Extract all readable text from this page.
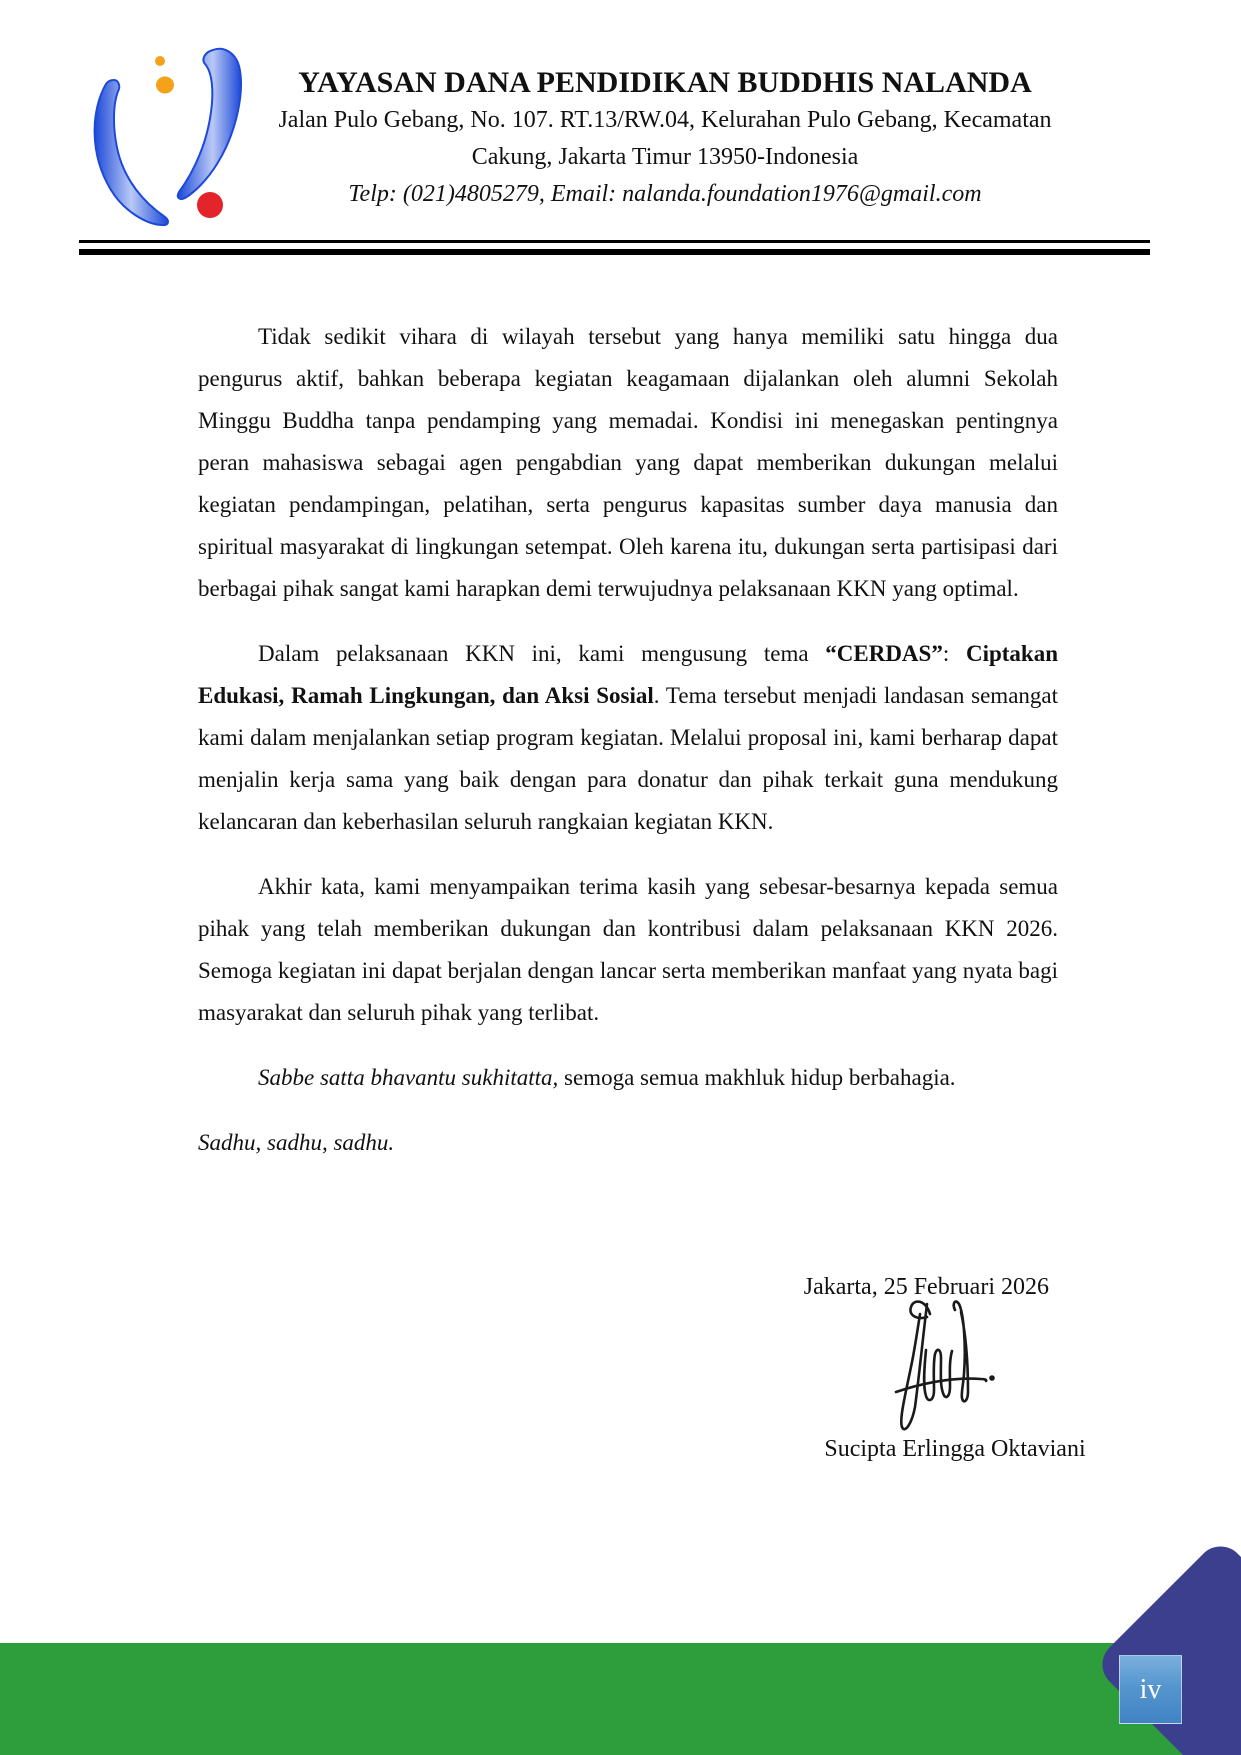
YAYASAN DANA PENDIDIKAN BUDDHIS NALANDA
Jalan Pulo Gebang, No. 107. RT.13/RW.04, Kelurahan Pulo Gebang, Kecamatan
Cakung, Jakarta Timur 13950-Indonesia
Telp: (021)4805279, Email: nalanda.foundation1976@gmail.com

Tidak sedikit vihara di wilayah tersebut yang hanya memiliki satu hingga dua pengurus aktif, bahkan beberapa kegiatan keagamaan dijalankan oleh alumni Sekolah Minggu Buddha tanpa pendamping yang memadai. Kondisi ini menegaskan pentingnya peran mahasiswa sebagai agen pengabdian yang dapat memberikan dukungan melalui kegiatan pendampingan, pelatihan, serta pengurus kapasitas sumber daya manusia dan spiritual masyarakat di lingkungan setempat. Oleh karena itu, dukungan serta partisipasi dari berbagai pihak sangat kami harapkan demi terwujudnya pelaksanaan KKN yang optimal.

Dalam pelaksanaan KKN ini, kami mengusung tema “CERDAS”: Ciptakan Edukasi, Ramah Lingkungan, dan Aksi Sosial. Tema tersebut menjadi landasan semangat kami dalam menjalankan setiap program kegiatan. Melalui proposal ini, kami berharap dapat menjalin kerja sama yang baik dengan para donatur dan pihak terkait guna mendukung kelancaran dan keberhasilan seluruh rangkaian kegiatan KKN.

Akhir kata, kami menyampaikan terima kasih yang sebesar-besarnya kepada semua pihak yang telah memberikan dukungan dan kontribusi dalam pelaksanaan KKN 2026. Semoga kegiatan ini dapat berjalan dengan lancar serta memberikan manfaat yang nyata bagi masyarakat dan seluruh pihak yang terlibat.

Sabbe satta bhavantu sukhitatta, semoga semua makhluk hidup berbahagia.

Sadhu, sadhu, sadhu.

Jakarta, 25 Februari 2026
Sucipta Erlingga Oktaviani
iv
